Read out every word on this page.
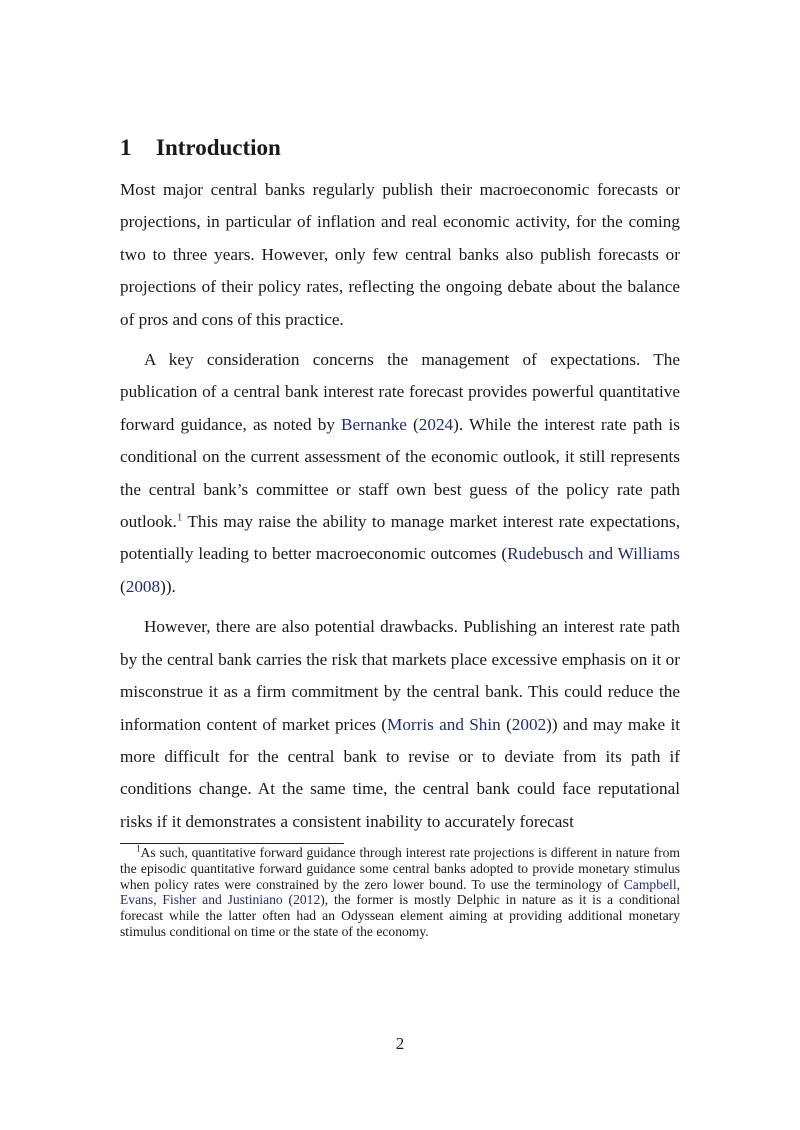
1 Introduction

Most major central banks regularly publish their macroeconomic forecasts or projections, in particular of inflation and real economic activity, for the coming two to three years. However, only few central banks also publish forecasts or projections of their policy rates, reflecting the ongoing debate about the balance of pros and cons of this practice.

A key consideration concerns the management of expectations. The publication of a central bank interest rate forecast provides powerful quantitative forward guidance, as noted by Bernanke (2024). While the interest rate path is conditional on the current assessment of the economic outlook, it still represents the central bank’s committee or staff own best guess of the policy rate path outlook.$^1$ This may raise the ability to manage market interest rate expectations, potentially leading to better macroeconomic outcomes (Rudebusch and Williams (2008)).

However, there are also potential drawbacks. Publishing an interest rate path by the central bank carries the risk that markets place excessive emphasis on it or misconstrue it as a firm commitment by the central bank. This could reduce the information content of market prices (Morris and Shin (2002)) and may make it more difficult for the central bank to revise or to deviate from its path if conditions change. At the same time, the central bank could face reputational risks if it demonstrates a consistent inability to accurately forecast

$^1$As such, quantitative forward guidance through interest rate projections is different in nature from the episodic quantitative forward guidance some central banks adopted to provide monetary stimulus when policy rates were constrained by the zero lower bound. To use the terminology of Campbell, Evans, Fisher and Justiniano (2012), the former is mostly Delphic in nature as it is a conditional forecast while the latter often had an Odyssean element aiming at providing additional monetary stimulus conditional on time or the state of the economy.

2
